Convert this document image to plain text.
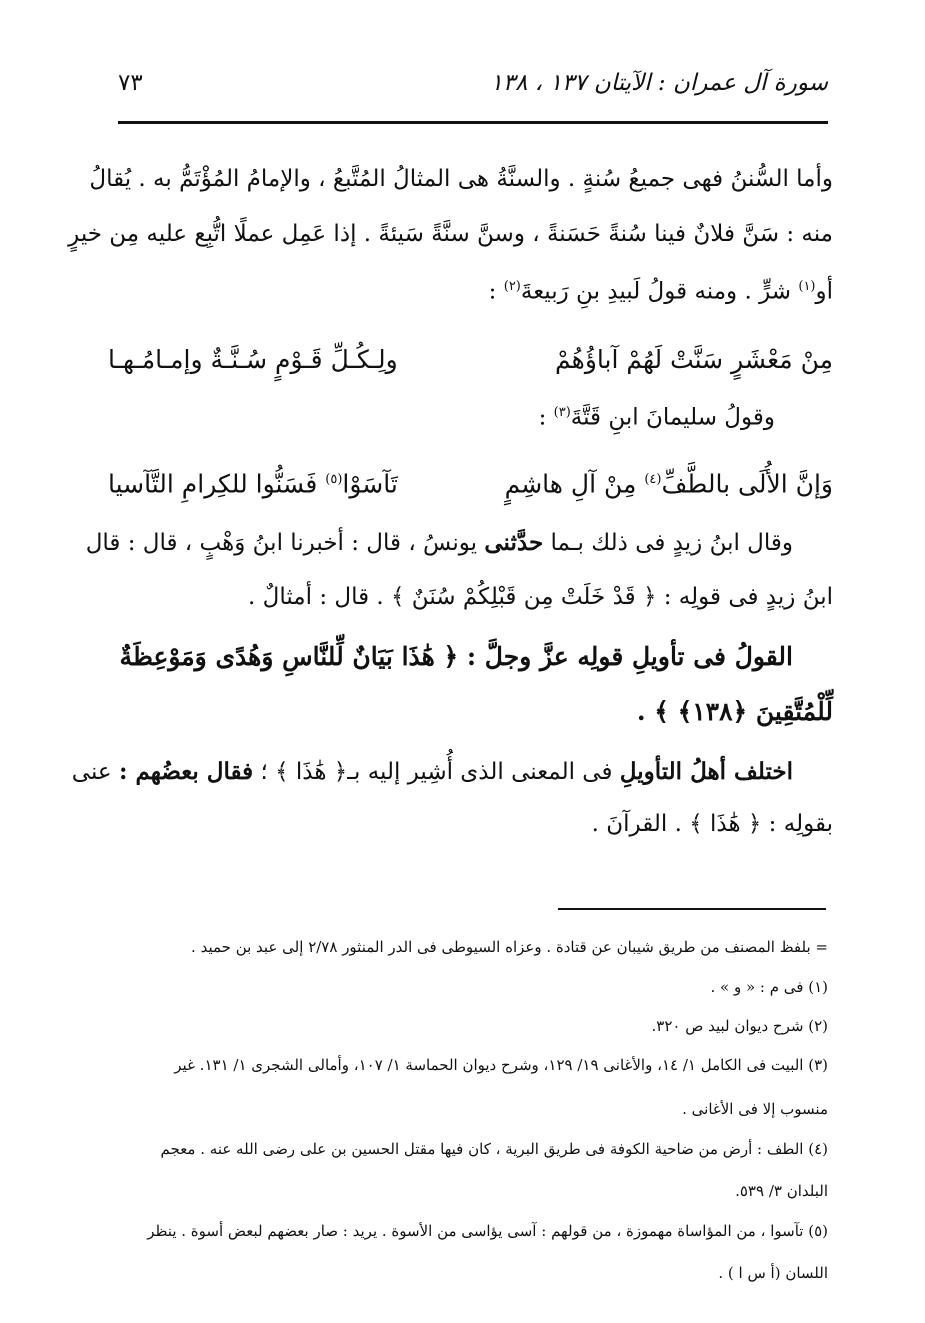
سورة آل عمران : الآيتان ١٣٧ ، ١٣٨
٧٣
وأما السُّننُ فهى جميعُ سُنةٍ . والسنَّةُ هى المثالُ المُتَّبعُ ، والإمامُ المُؤْتَمُّ به . يُقالُ
منه : سَنَّ فلانٌ فينا سُنةً حَسَنةً ، وسنَّ سنَّةً سَيئةً . إذا عَمِل عملًا اتُّبِع عليه مِن خيرٍ
أو$^{(١)}$ شرٍّ . ومنه قولُ لَبيدِ بنِ رَبيعةَ$^{(٢)}$ :
مِنْ مَعْشَرٍ سَنَّتْ لَهُمْ آباؤُهُمْ
ولِـكُـلِّ قَـوْمٍ سُـنَّـةٌ وإمـامُـهـا
وقولُ سليمانَ ابنِ قَتَّةَ$^{(٣)}$ :
وَإنَّ الأُلَى بالطَّفِّ$^{(٤)}$ مِنْ آلِ هاشِمٍ
تَآسَوْا$^{(٥)}$ فَسَنُّوا للكِرامِ التَّآسيا
وقال ابنُ زيدٍ فى ذلك بـما حدَّثنى يونسُ ، قال : أخبرنا ابنُ وَهْبٍ ، قال : قال
ابنُ زيدٍ فى قولِه : ﴿ قَدْ خَلَتْ مِن قَبْلِكُمْ سُنَنٌ ﴾ . قال : أمثالٌ .
القولُ فى تأويلِ قولِه عزَّ وجلَّ : ﴿ هَٰذَا بَيَانٌ لِّلنَّاسِ وَهُدًى وَمَوْعِظَةٌ
لِّلْمُتَّقِينَ ﴿١٣٨﴾ ﴾ .
اختلف أهلُ التأويلِ فى المعنى الذى أُشِير إليه بـ﴿ هَٰذَا ﴾ ؛ فقال بعضُهم : عنى
بقولِه : ﴿ هَٰذَا ﴾ . القرآنَ .
= بلفظ المصنف من طريق شيبان عن قتادة . وعزاه السيوطى فى الدر المنثور ٢/٧٨ إلى عبد بن حميد .
(١) فى م : « و » .
(٢) شرح ديوان لبيد ص ٣٢٠.
(٣) البيت فى الكامل ١/ ١٤، والأغانى ١٩/ ١٢٩، وشرح ديوان الحماسة ١/ ١٠٧، وأمالى الشجرى ١/ ١٣١. غير
منسوب إلا فى الأغانى .
(٤) الطف : أرض من ضاحية الكوفة فى طريق البرية ، كان فيها مقتل الحسين بن على رضى الله عنه . معجم
البلدان ٣/ ٥٣٩.
(٥) تآسوا ، من المؤاساة مهموزة ، من قولهم : آسى يؤاسى من الأسوة . يريد : صار بعضهم لبعض أسوة . ينظر
اللسان (أ س ا ) .
